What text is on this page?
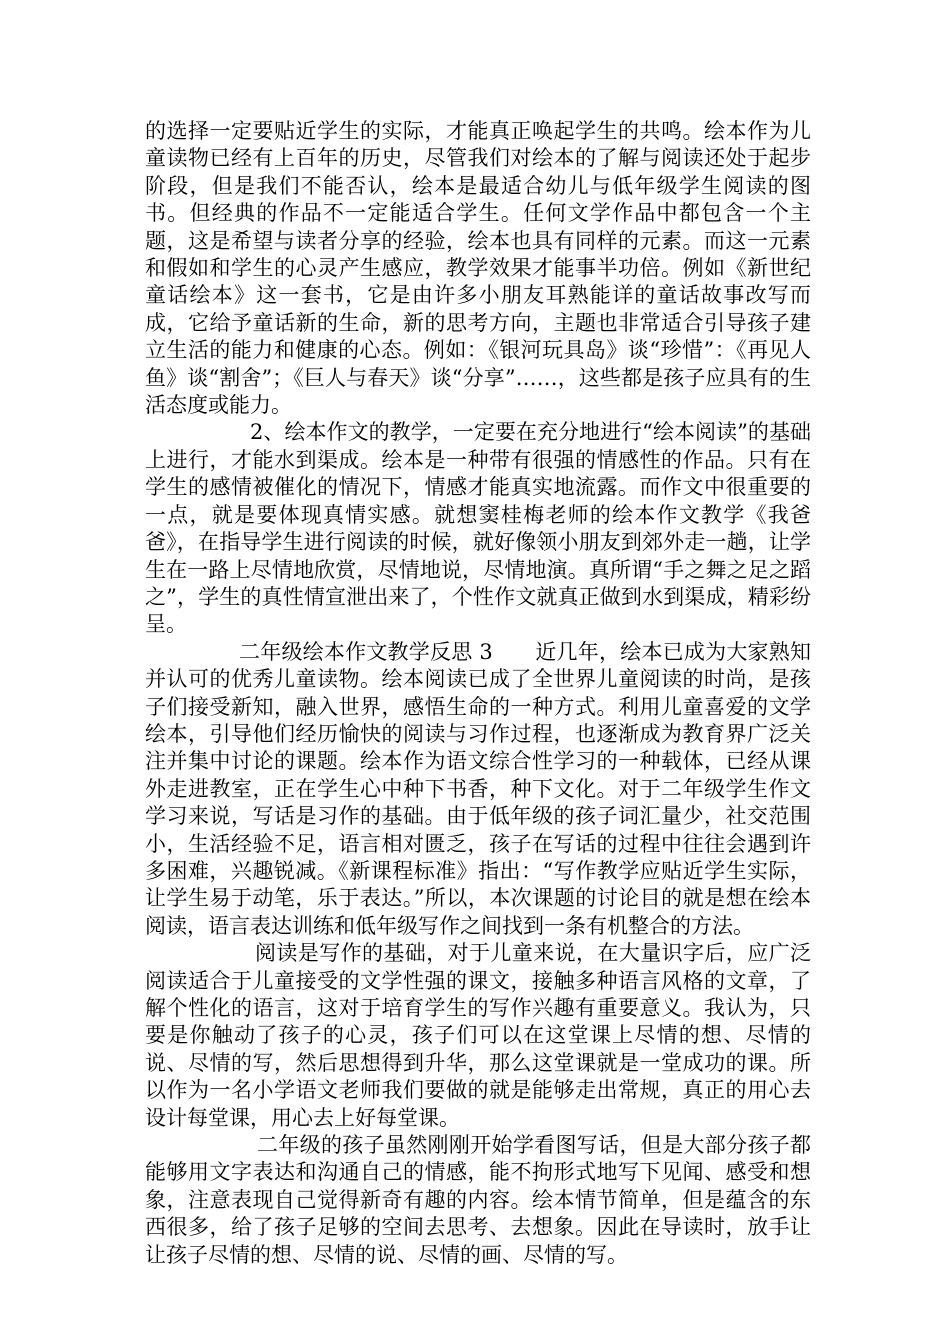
的选择一定要贴近学生的实际，才能真正唤起学生的共鸣。绘本作为儿童读物已经有上百年的历史，尽管我们对绘本的了解与阅读还处于起步阶段，但是我们不能否认，绘本是最适合幼儿与低年级学生阅读的图书。但经典的作品不一定能适合学生。任何文学作品中都包含一个主题，这是希望与读者分享的经验，绘本也具有同样的元素。而这一元素和假如和学生的心灵产生感应，教学效果才能事半功倍。例如《新世纪童话绘本》这一套书，它是由许多小朋友耳熟能详的童话故事改写而成，它给予童话新的生命，新的思考方向，主题也非常适合引导孩子建立生活的能力和健康的心态。例如：《银河玩具岛》谈“珍惜”：《再见人鱼》谈“割舍”；《巨人与春天》谈“分享”……，这些都是孩子应具有的生活态度或能力。

2、绘本作文的教学，一定要在充分地进行“绘本阅读”的基础上进行，才能水到渠成。绘本是一种带有很强的情感性的作品。只有在学生的感情被催化的情况下，情感才能真实地流露。而作文中很重要的一点，就是要体现真情实感。就想窦桂梅老师的绘本作文教学《我爸爸》，在指导学生进行阅读的时候，就好像领小朋友到郊外走一趟，让学生在一路上尽情地欣赏，尽情地说，尽情地演。真所谓“手之舞之足之蹈之”，学生的真性情宣泄出来了，个性作文就真正做到水到渠成，精彩纷呈。

二年级绘本作文教学反思 3　　近几年，绘本已成为大家熟知并认可的优秀儿童读物。绘本阅读已成了全世界儿童阅读的时尚，是孩子们接受新知，融入世界，感悟生命的一种方式。利用儿童喜爱的文学绘本，引导他们经历愉快的阅读与习作过程，也逐渐成为教育界广泛关注并集中讨论的课题。绘本作为语文综合性学习的一种载体，已经从课外走进教室，正在学生心中种下书香，种下文化。对于二年级学生作文学习来说，写话是习作的基础。由于低年级的孩子词汇量少，社交范围小，生活经验不足，语言相对匮乏，孩子在写话的过程中往往会遇到许多困难，兴趣锐减。《新课程标准》指出：“写作教学应贴近学生实际，让学生易于动笔，乐于表达。”所以，本次课题的讨论目的就是想在绘本阅读，语言表达训练和低年级写作之间找到一条有机整合的方法。

阅读是写作的基础，对于儿童来说，在大量识字后，应广泛阅读适合于儿童接受的文学性强的课文，接触多种语言风格的文章，了解个性化的语言，这对于培育学生的写作兴趣有重要意义。我认为，只要是你触动了孩子的心灵，孩子们可以在这堂课上尽情的想、尽情的说、尽情的写，然后思想得到升华，那么这堂课就是一堂成功的课。所以作为一名小学语文老师我们要做的就是能够走出常规，真正的用心去设计每堂课，用心去上好每堂课。

二年级的孩子虽然刚刚开始学看图写话，但是大部分孩子都能够用文字表达和沟通自己的情感，能不拘形式地写下见闻、感受和想象，注意表现自己觉得新奇有趣的内容。绘本情节简单，但是蕴含的东西很多，给了孩子足够的空间去思考、去想象。因此在导读时，放手让让孩子尽情的想、尽情的说、尽情的画、尽情的写。
